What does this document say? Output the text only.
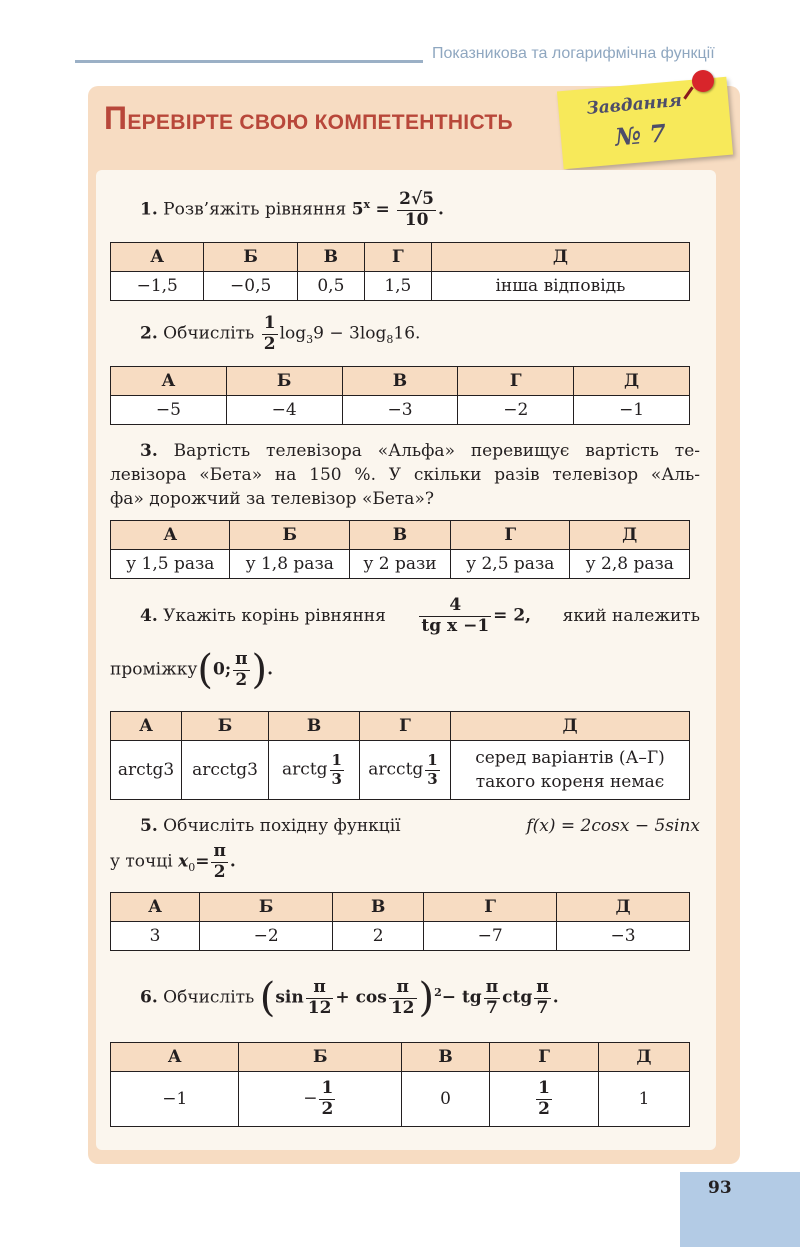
Показникова та логарифмічна функції
ПЕРЕВІРТЕ СВОЮ КОМПЕТЕНТНІСТЬ
Завдання
№ 7
1. Розв’яжіть рівняння $5^x = \frac{2√5}{10}$ .
А	Б	В	Г	Д
−1,5	−0,5	0,5	1,5	інша відповідь
2. Обчисліть $\frac{1}{2} \log_39 - 3\log_816$.
А	Б	В	Г	Д
−5	−4	−3	−2	−1
3. Вартість телевізора «Альфа» перевищує вартість те-
левізора «Бета» на 150 %. У скільки разів телевізор «Аль-
фа» дорожчий за телевізор «Бета»?
А	Б	В	Г	Д
у 1,5 раза	у 1,8 раза	у 2 рази	у 2,5 раза	у 2,8 раза
4. Укажіть корінь рівняння $\frac{4}{\text{tg x −1}} = 2$, який належить
проміжку(0; $\frac{\pi}{2}$ ).
А	Б	В	Г	Д
arctg3	arcctg3	arctg $\frac{1}{3}$	arcctg $\frac{1}{3}$	серед варіантів (А–Г)
такого кореня немає
5. Обчисліть похідну функції	f(x) = 2cosx − 5sinx
у точці $x_0= \frac{\pi}{2}$ .
А	Б	В	Г	Д
3	−2	2	−7	−3
6. Обчисліть $(\sin \frac{\pi}{12} + \cos \frac{\pi}{12} )^2-$ tg $\frac{\pi}{7}$ ctg $\frac{\pi}{7}$ .
А	Б	В	Г	Д
−1	− $\frac{1}{2}$	0	$\frac{1}{2}$	1
93
